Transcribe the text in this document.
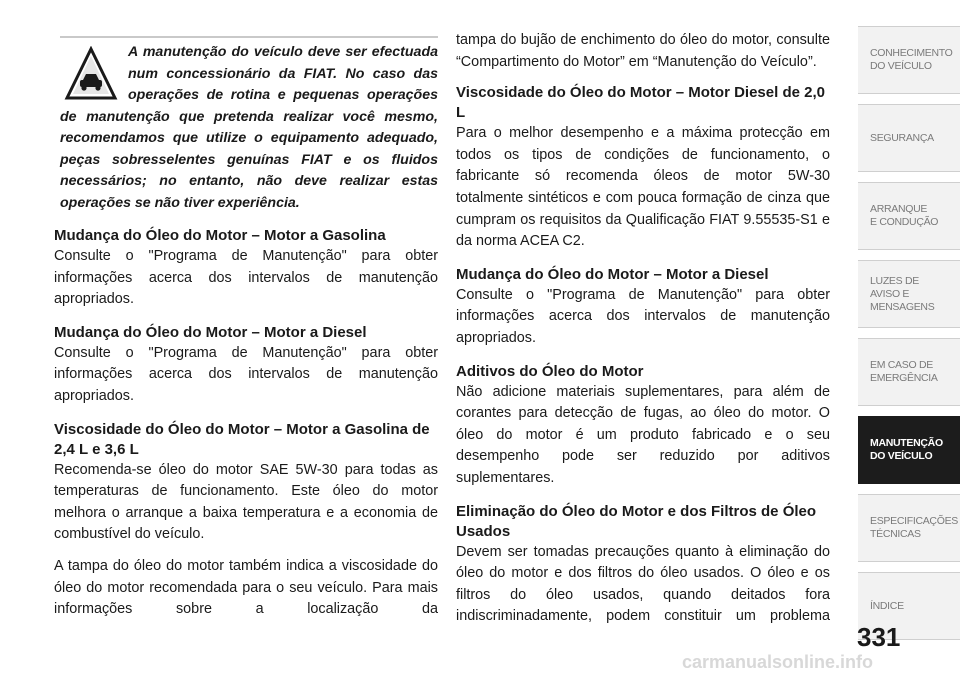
A manutenção do veículo deve ser efectuada num concessionário da FIAT. No caso das operações de rotina e pequenas operações de manutenção que pretenda realizar você mesmo, recomendamos que utilize o equipamento adequado, peças sobresselentes genuínas FIAT e os fluidos necessários; no entanto, não deve realizar estas operações se não tiver experiência.

Mudança do Óleo do Motor – Motor a Gasolina

Consulte o "Programa de Manutenção" para obter informações acerca dos intervalos de manutenção apropriados.

Mudança do Óleo do Motor – Motor a Diesel

Consulte o "Programa de Manutenção" para obter informações acerca dos intervalos de manutenção apropriados.

Viscosidade do Óleo do Motor – Motor a Gasolina de 2,4 L e 3,6 L

Recomenda-se óleo do motor SAE 5W-30 para todas as temperaturas de funcionamento. Este óleo do motor melhora o arranque a baixa temperatura e a economia de combustível do veículo.

A tampa do óleo do motor também indica a viscosidade do óleo do motor recomendada para o seu veículo. Para mais informações sobre a localização da

tampa do bujão de enchimento do óleo do motor, consulte “Compartimento do Motor” em “Manutenção do Veículo”.

Viscosidade do Óleo do Motor – Motor Diesel de 2,0 L

Para o melhor desempenho e a máxima protecção em todos os tipos de condições de funcionamento, o fabricante só recomenda óleos de motor 5W-30 totalmente sintéticos e com pouca formação de cinza que cumpram os requisitos da Qualificação FIAT 9.55535-S1 e da norma ACEA C2.

Mudança do Óleo do Motor – Motor a Diesel

Consulte o "Programa de Manutenção" para obter informações acerca dos intervalos de manutenção apropriados.

Aditivos do Óleo do Motor

Não adicione materiais suplementares, para além de corantes para detecção de fugas, ao óleo do motor. O óleo do motor é um produto fabricado e o seu desempenho pode ser reduzido por aditivos suplementares.

Eliminação do Óleo do Motor e dos Filtros de Óleo Usados

Devem ser tomadas precauções quanto à eliminação do óleo do motor e dos filtros do óleo usados. O óleo e os filtros do óleo usados, quando deitados fora indiscriminadamente, podem constituir um problema

CONHECIMENTO
DO VEÍCULO
SEGURANÇA
ARRANQUE
E CONDUÇÃO
LUZES DE
AVISO E
MENSAGENS
EM CASO DE
EMERGÊNCIA
MANUTENÇÃO
DO VEÍCULO
ESPECIFICAÇÕES
TÉCNICAS
ÍNDICE
331
carmanualsonline.info
